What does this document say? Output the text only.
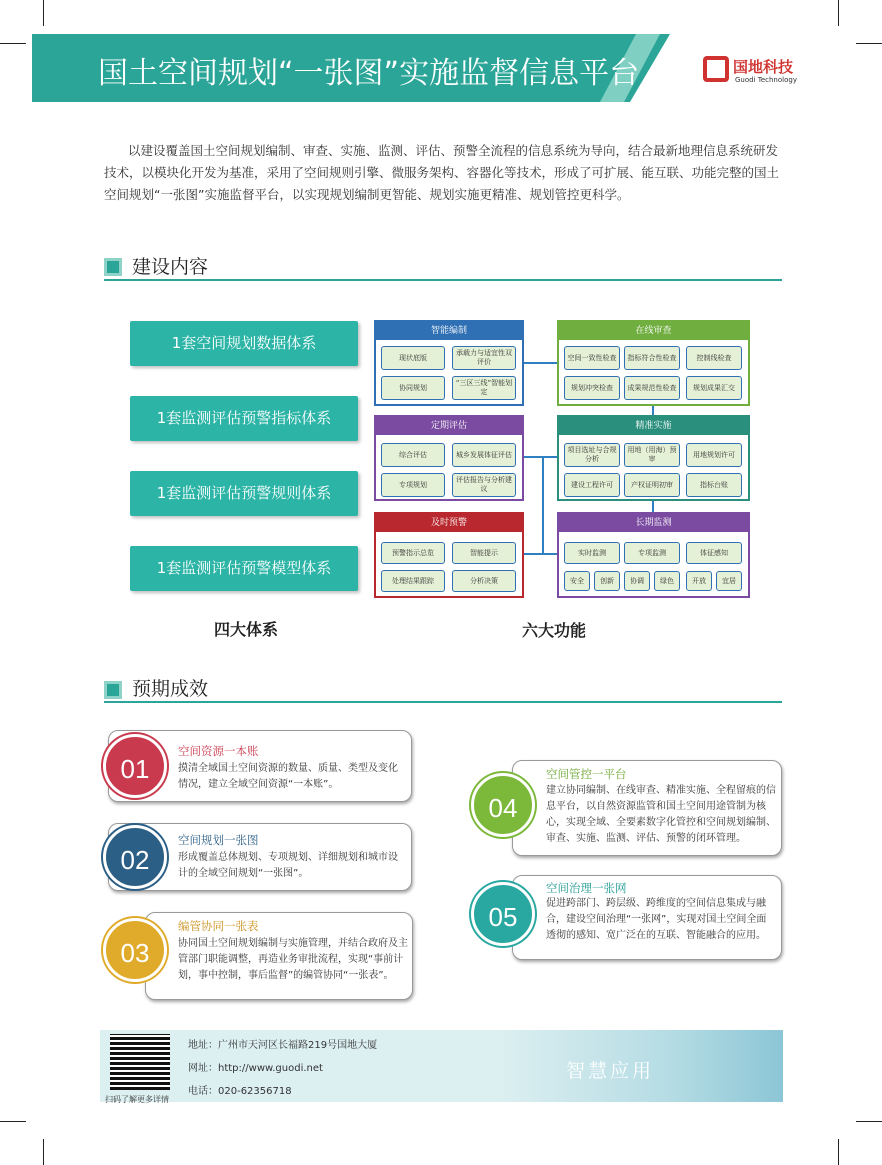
国土空间规划“一张图”实施监督信息平台	国地科技
Guodi Technology

以建设覆盖国土空间规划编制、审查、实施、监测、评估、预警全流程的信息系统为导向，结合最新地理信息系统研发技术，以模块化开发为基准，采用了空间规则引擎、微服务架构、容器化等技术，形成了可扩展、能互联、功能完整的国土空间规划“一张图”实施监督平台，以实现规划编制更智能、规划实施更精准、规划管控更科学。

建设内容
1套空间规划数据体系
1套监测评估预警指标体系
1套监测评估预警规则体系
1套监测评估预警模型体系
四大体系
智能编制
现状底版
承载力与适宜性双评价
协同规划
“三区三线”智能划定
在线审查
空间一致性检查	指标符合性检查	控制线检查
规划冲突检查	成果规范性检查	规划成果汇交
定期评估
综合评估	城乡发展体征评估
专项规划
评估报告与分析建议
精准实施
项目选址与合规分析
用地（用海）预审
用地规划许可
建设工程许可	产权证明初审	指标台账
及时预警
预警指示总览	智能提示
处理结果跟踪	分析决策
长期监测
实时监测	专项监测	体征感知
安全	创新	协调	绿色	开放	宜居
六大功能
预期成效
01
空间资源一本账
摸清全域国土空间资源的数量、质量、类型及变化情况，建立全域空间资源“一本账”。
02
空间规划一张图
形成覆盖总体规划、专项规划、详细规划和城市设计的全域空间规划“一张图”。
03
编管协同一张表
协同国土空间规划编制与实施管理，并结合政府及主管部门职能调整，再造业务审批流程，实现“事前计划，事中控制，事后监督”的编管协同“一张表”。
04
空间管控一平台
建立协同编制、在线审查、精准实施、全程留痕的信息平台，以自然资源监管和国土空间用途管制为核心，实现全域、全要素数字化管控和空间规划编制、审查、实施、监测、评估、预警的闭环管理。
05
空间治理一张网
促进跨部门、跨层级、跨维度的空间信息集成与融合，建设空间治理“一张网”，实现对国土空间全面透彻的感知、宽广泛在的互联、智能融合的应用。
扫码了解更多详情
地址：广州市天河区长福路219号国地大厦
网址：http://www.guodi.net
电话：020-62356718
智慧应用
